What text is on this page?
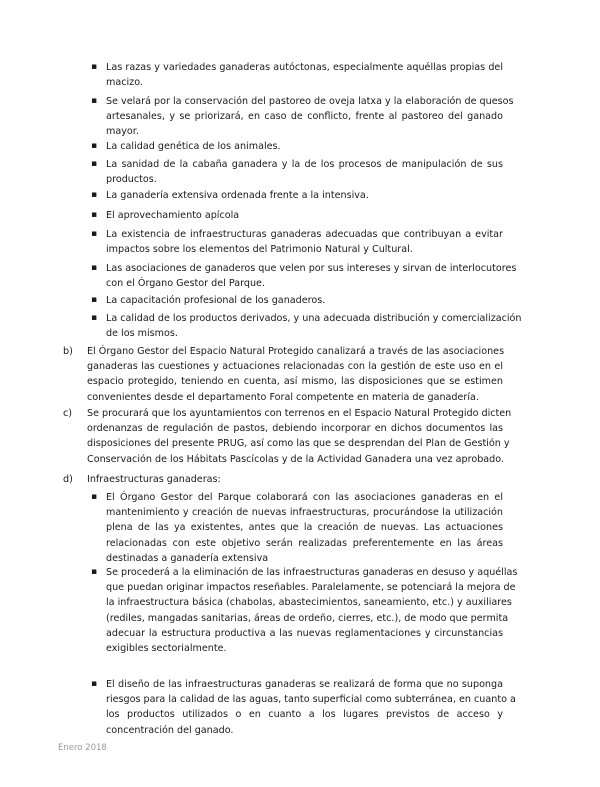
▪ Las razas y variedades ganaderas autóctonas, especialmente aquéllas propias del
macizo.
▪ Se velará por la conservación del pastoreo de oveja latxa y la elaboración de quesos
artesanales, y se priorizará, en caso de conflicto, frente al pastoreo del ganado
mayor.
▪ La calidad genética de los animales.
▪ La sanidad de la cabaña ganadera y la de los procesos de manipulación de sus
productos.
▪ La ganadería extensiva ordenada frente a la intensiva.
▪ El aprovechamiento apícola
▪ La existencia de infraestructuras ganaderas adecuadas que contribuyan a evitar
impactos sobre los elementos del Patrimonio Natural y Cultural.
▪ Las asociaciones de ganaderos que velen por sus intereses y sirvan de interlocutores
con el Órgano Gestor del Parque.
▪ La capacitación profesional de los ganaderos.
▪ La calidad de los productos derivados, y una adecuada distribución y comercialización
de los mismos.
b) El Órgano Gestor del Espacio Natural Protegido canalizará a través de las asociaciones
ganaderas las cuestiones y actuaciones relacionadas con la gestión de este uso en el
espacio protegido, teniendo en cuenta, así mismo, las disposiciones que se estimen
convenientes desde el departamento Foral competente en materia de ganadería.
c) Se procurará que los ayuntamientos con terrenos en el Espacio Natural Protegido dicten
ordenanzas de regulación de pastos, debiendo incorporar en dichos documentos las
disposiciones del presente PRUG, así como las que se desprendan del Plan de Gestión y
Conservación de los Hábitats Pascícolas y de la Actividad Ganadera una vez aprobado.
d) Infraestructuras ganaderas:
▪ El Órgano Gestor del Parque colaborará con las asociaciones ganaderas en el
mantenimiento y creación de nuevas infraestructuras, procurándose la utilización
plena de las ya existentes, antes que la creación de nuevas. Las actuaciones
relacionadas con este objetivo serán realizadas preferentemente en las áreas
destinadas a ganadería extensiva
▪ Se procederá a la eliminación de las infraestructuras ganaderas en desuso y aquéllas
que puedan originar impactos reseñables. Paralelamente, se potenciará la mejora de
la infraestructura básica (chabolas, abastecimientos, saneamiento, etc.) y auxiliares
(rediles, mangadas sanitarias, áreas de ordeño, cierres, etc.), de modo que permita
adecuar la estructura productiva a las nuevas reglamentaciones y circunstancias
exigibles sectorialmente.
▪ El diseño de las infraestructuras ganaderas se realizará de forma que no suponga
riesgos para la calidad de las aguas, tanto superficial como subterránea, en cuanto a
los productos utilizados o en cuanto a los lugares previstos de acceso y
concentración del ganado.
Enero 2018
